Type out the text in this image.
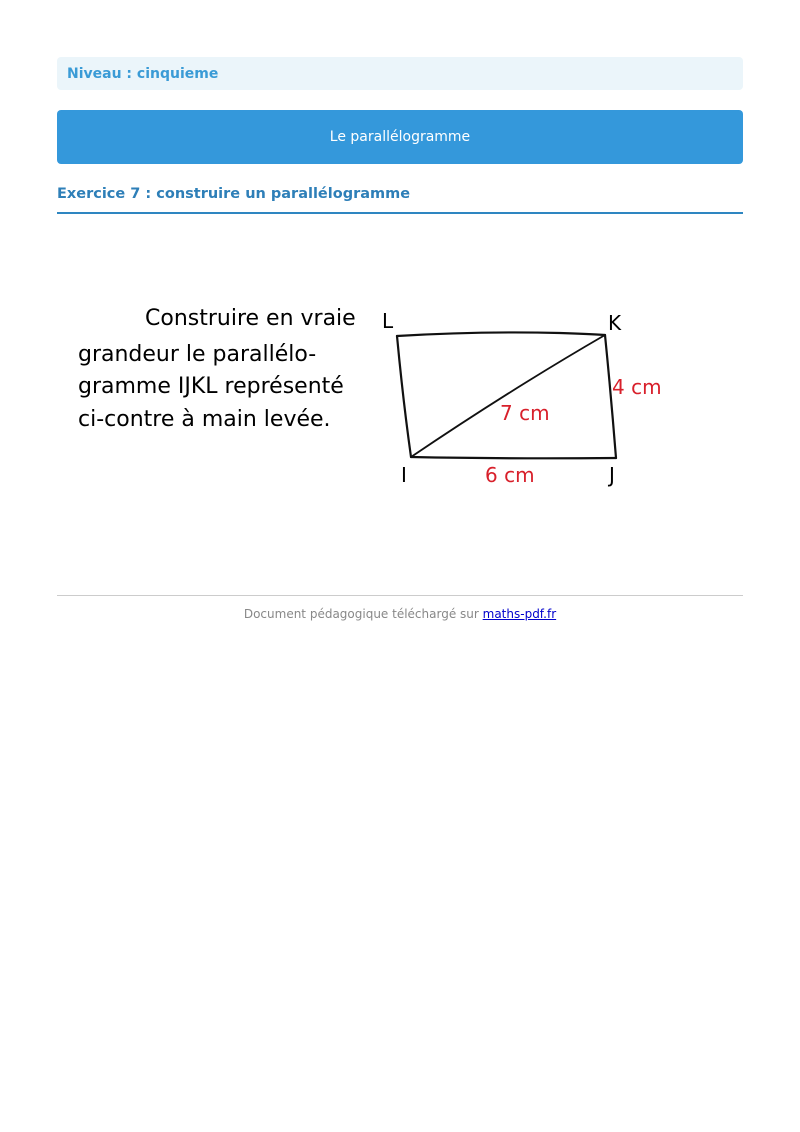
Niveau : cinquieme
Le parallélogramme
Exercice 7 : construire un parallélogramme
Construire en vraie
grandeur le parallélo-
gramme IJKL représenté
ci-contre à main levée.
L	K
I	J
7 cm
4 cm
6 cm
Document pédagogique téléchargé sur maths-pdf.fr
